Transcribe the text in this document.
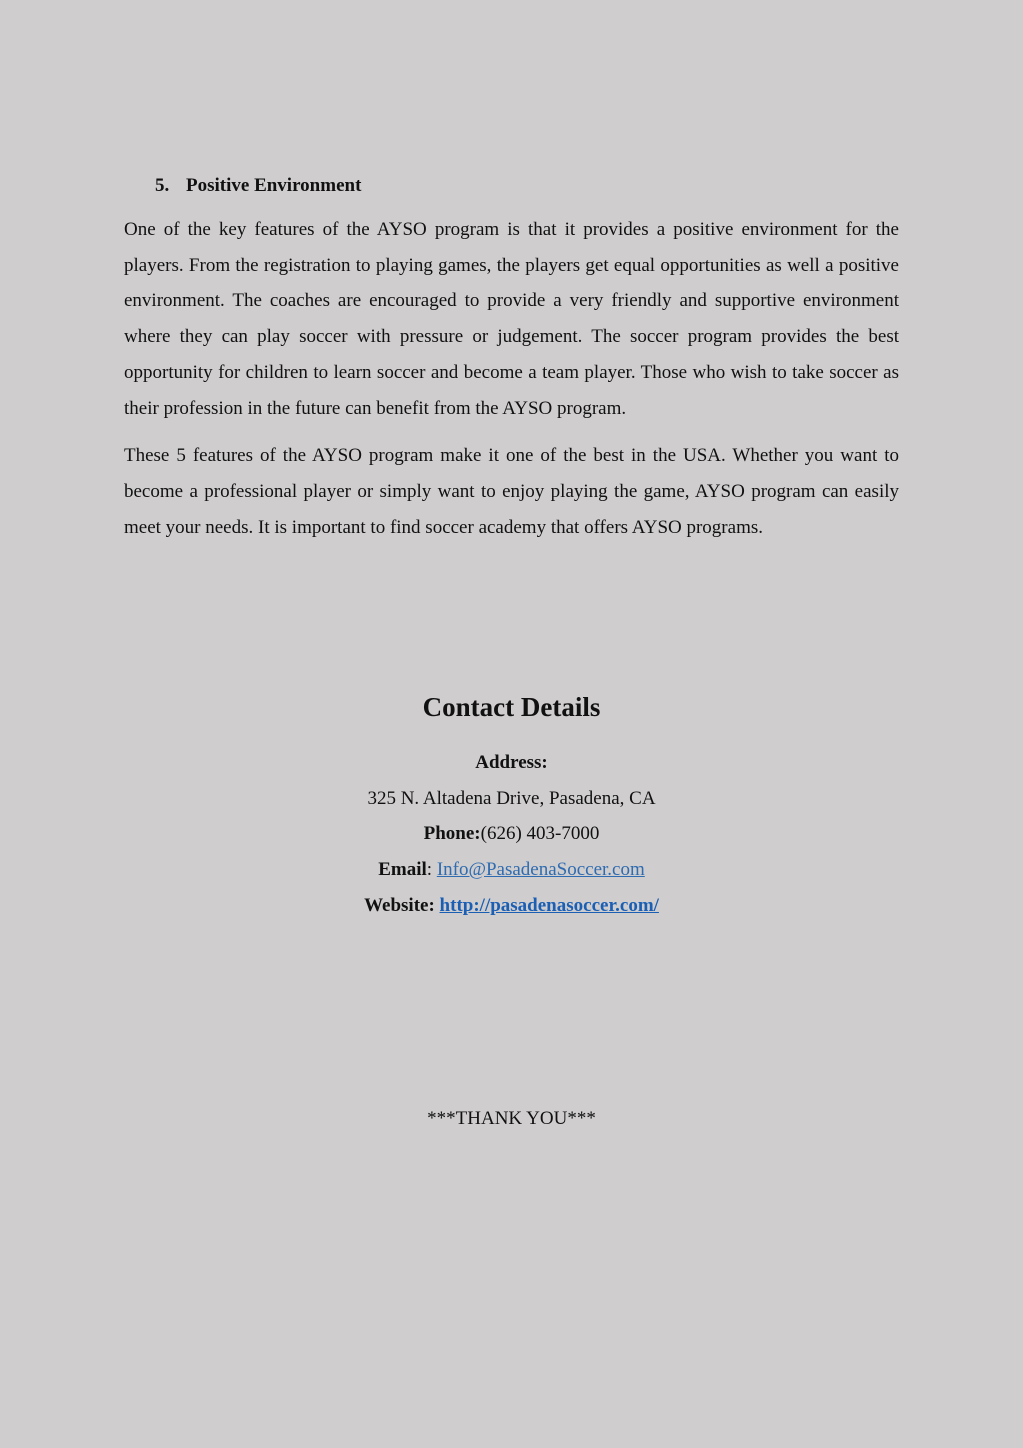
5. Positive Environment

One of the key features of the AYSO program is that it provides a positive environment for the players. From the registration to playing games, the players get equal opportunities as well a positive environment. The coaches are encouraged to provide a very friendly and supportive environment where they can play soccer with pressure or judgement. The soccer program provides the best opportunity for children to learn soccer and become a team player. Those who wish to take soccer as their profession in the future can benefit from the AYSO program.

These 5 features of the AYSO program make it one of the best in the USA. Whether you want to become a professional player or simply want to enjoy playing the game, AYSO program can easily meet your needs. It is important to find soccer academy that offers AYSO programs.

Contact Details
Address:
325 N. Altadena Drive, Pasadena, CA
Phone:(626) 403-7000
Email: Info@PasadenaSoccer.com
Website: http://pasadenasoccer.com/
***THANK YOU***
